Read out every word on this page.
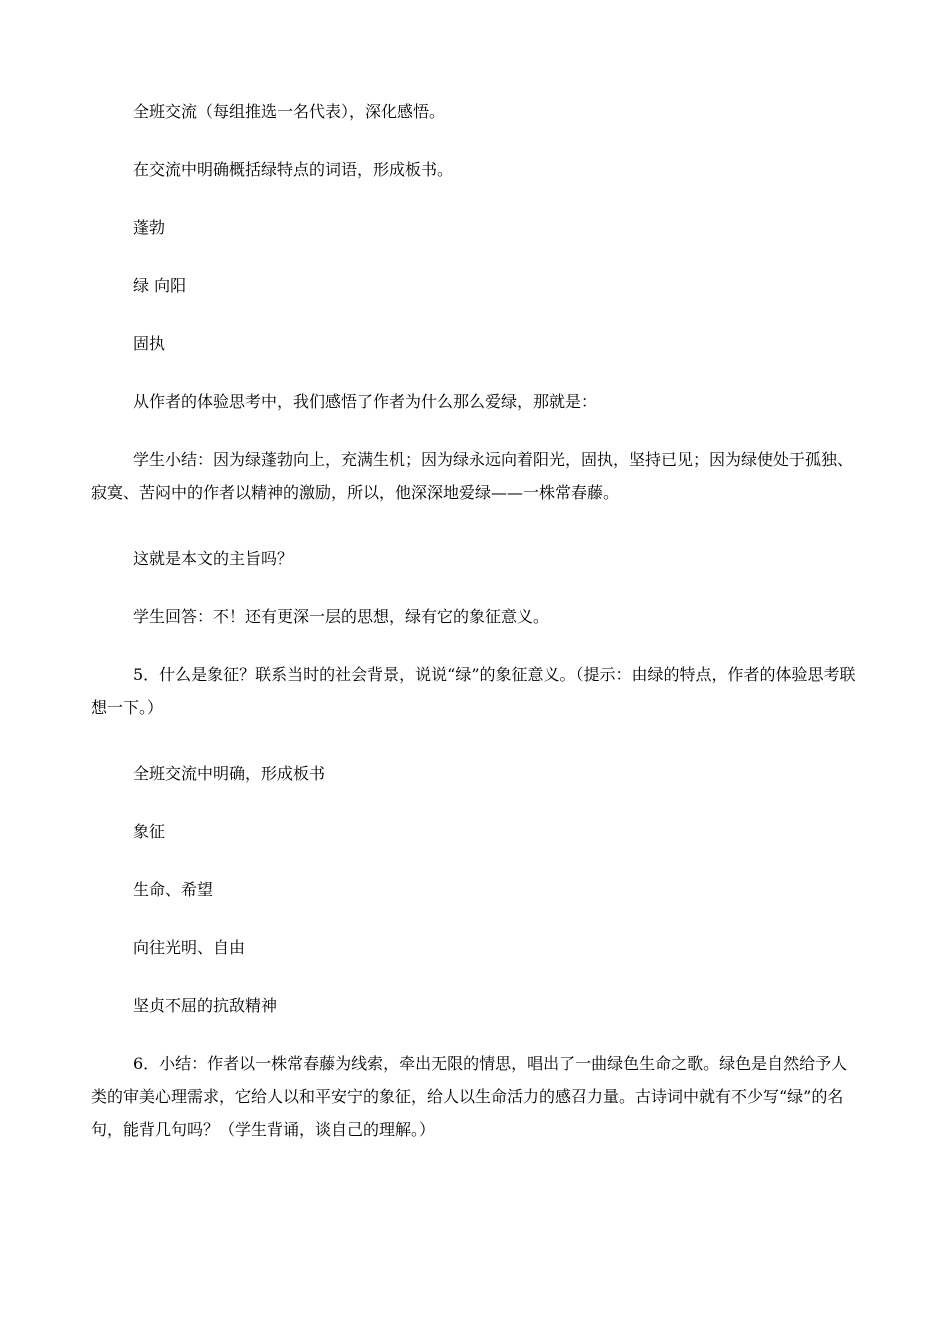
全班交流（每组推选一名代表），深化感悟。

在交流中明确概括绿特点的词语，形成板书。

蓬勃

绿 向阳

固执

从作者的体验思考中，我们感悟了作者为什么那么爱绿，那就是：

学生小结：因为绿蓬勃向上，充满生机；因为绿永远向着阳光，固执，坚持已见；因为绿使处于孤独、寂寞、苦闷中的作者以精神的激励，所以，他深深地爱绿——一株常春藤。

这就是本文的主旨吗？

学生回答：不！还有更深一层的思想，绿有它的象征意义。

5．什么是象征？联系当时的社会背景，说说“绿”的象征意义。（提示：由绿的特点，作者的体验思考联想一下。）

全班交流中明确，形成板书

象征

生命、希望

向往光明、自由

坚贞不屈的抗敌精神

6．小结：作者以一株常春藤为线索，牵出无限的情思，唱出了一曲绿色生命之歌。绿色是自然给予人类的审美心理需求，它给人以和平安宁的象征，给人以生命活力的感召力量。古诗词中就有不少写“绿”的名句，能背几句吗？（学生背诵，谈自己的理解。）
